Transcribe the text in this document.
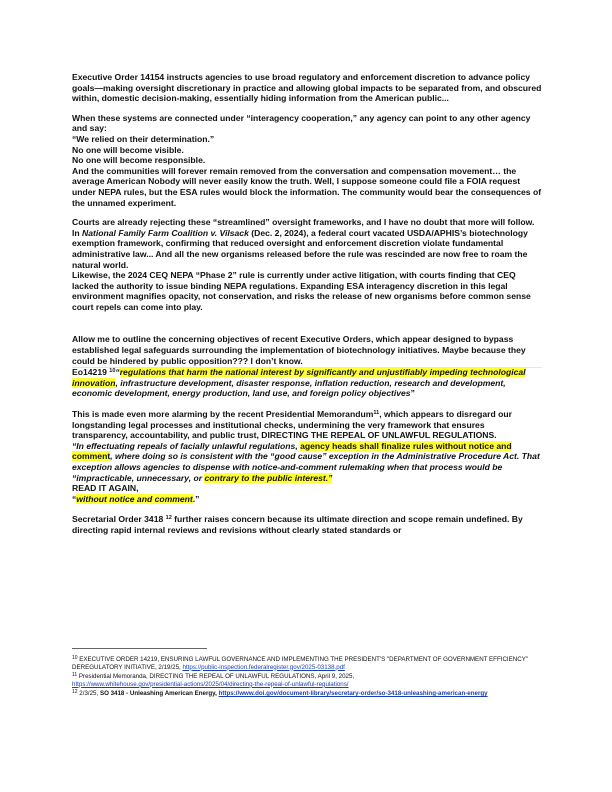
Executive Order 14154 instructs agencies to use broad regulatory and enforcement discretion to advance policy goals—making oversight discretionary in practice and allowing global impacts to be separated from, and obscured within, domestic decision-making, essentially hiding information from the American public...

When these systems are connected under “interagency cooperation,” any agency can point to any other agency and say:

“We relied on their determination.”

No one will become visible.

No one will become responsible.

And the communities will forever remain removed from the conversation and compensation movement… the average American Nobody will never easily know the truth. Well, I suppose someone could file a FOIA request under NEPA rules, but the ESA rules would block the information. The community would bear the consequences of the unnamed experiment.

Courts are already rejecting these “streamlined” oversight frameworks, and I have no doubt that more will follow.

In National Family Farm Coalition v. Vilsack (Dec. 2, 2024), a federal court vacated USDA/APHIS’s biotechnology exemption framework, confirming that reduced oversight and enforcement discretion violate fundamental administrative law... And all the new organisms released before the rule was rescinded are now free to roam the natural world.

Likewise, the 2024 CEQ NEPA “Phase 2” rule is currently under active litigation, with courts finding that CEQ lacked the authority to issue binding NEPA regulations. Expanding ESA interagency discretion in this legal environment magnifies opacity, not conservation, and risks the release of new organisms before common sense court repels can come into play.

Allow me to outline the concerning objectives of recent Executive Orders, which appear designed to bypass established legal safeguards surrounding the implementation of biotechnology initiatives. Maybe because they could be hindered by public opposition??? I don’t know.

Eo14219 $^{10}$“regulations that harm the national interest by significantly and unjustifiably impeding technological innovation, infrastructure development, disaster response, inflation reduction, research and development, economic development, energy production, land use, and foreign policy objectives”

This is made even more alarming by the recent Presidential Memorandum$^{11}$, which appears to disregard our longstanding legal processes and institutional checks, undermining the very framework that ensures transparency, accountability, and public trust, DIRECTING THE REPEAL OF UNLAWFUL REGULATIONS.

“In effectuating repeals of facially unlawful regulations, agency heads shall finalize rules without notice and comment, where doing so is consistent with the “good cause” exception in the Administrative Procedure Act. That exception allows agencies to dispense with notice-and-comment rulemaking when that process would be “impracticable, unnecessary, or contrary to the public interest.”

READ IT AGAIN,

“without notice and comment.”

Secretarial Order 3418 $^{12}$ further raises concern because its ultimate direction and scope remain undefined. By directing rapid internal reviews and revisions without clearly stated standards or

$^{10}$ EXECUTIVE ORDER 14219, ENSURING LAWFUL GOVERNANCE AND IMPLEMENTING THE PRESIDENT'S "DEPARTMENT OF GOVERNMENT EFFICIENCY" DEREGULATORY INITIATIVE, 2/19/25, https://public-inspection.federalregister.gov/2025-03138.pdf

$^{11}$ Presidential Memoranda, DIRECTING THE REPEAL OF UNLAWFUL REGULATIONS, April 9, 2025,
https://www.whitehouse.gov/presidential-actions/2025/04/directing-the-repeal-of-unlawful-regulations/

$^{12}$ 2/3/25, SO 3418 - Unleashing American Energy, https://www.doi.gov/document-library/secretary-order/so-3418-unleashing-american-energy
